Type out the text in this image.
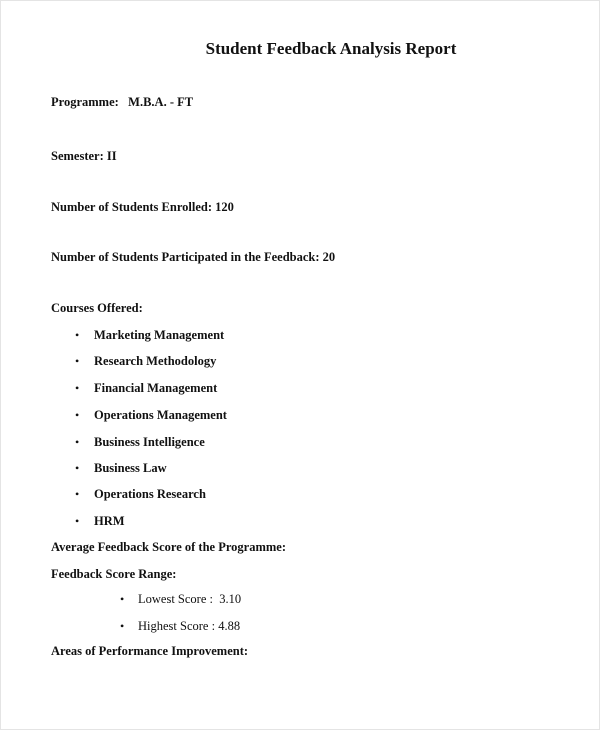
Student Feedback Analysis Report
Programme:   M.B.A. - FT
Semester: II
Number of Students Enrolled: 120
Number of Students Participated in the Feedback: 20
Courses Offered:
• Marketing Management
• Research Methodology
• Financial Management
• Operations Management
• Business Intelligence
• Business Law
• Operations Research
• HRM
Average Feedback Score of the Programme:
Feedback Score Range:
• Lowest Score :  3.10
• Highest Score : 4.88
Areas of Performance Improvement:
